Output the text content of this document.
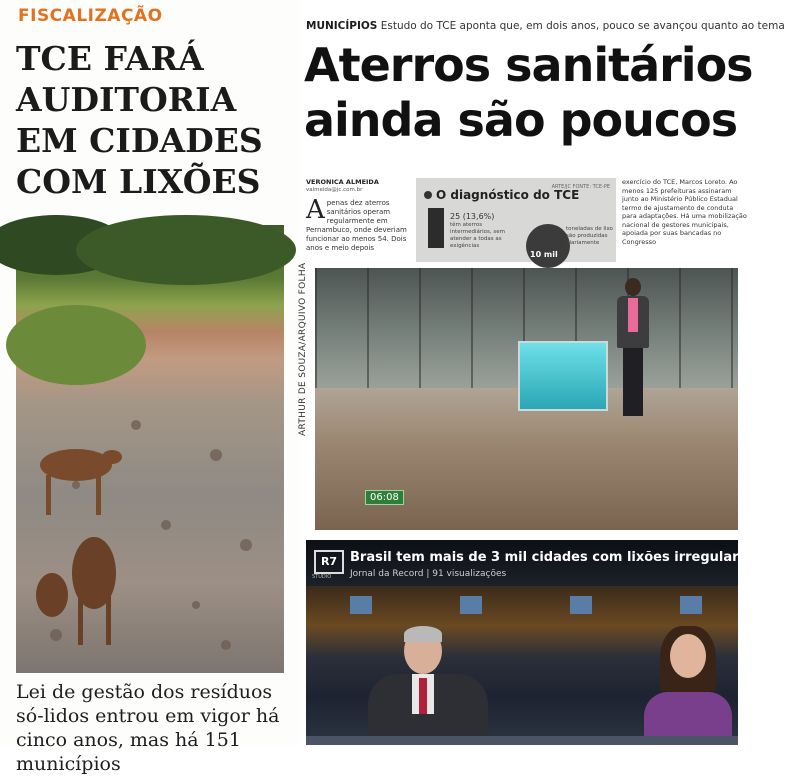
FISCALIZAÇÃO
TCE FARÁ
AUDITORIA
EM CIDADES
COM LIXÕES
ARTHUR DE SOUZA/ARQUIVO FOLHA
Lei de gestão dos resíduos só-lidos entrou em vigor há cinco anos, mas há 151 municípios
MUNICÍPIOS Estudo do TCE aponta que, em dois anos, pouco se avançou quanto ao tema
Aterros sanitários
ainda são poucos
VERONICA ALMEIDA
valmeida@jc.com.br
A penas dez aterros sanitários operam regularmente em Pernambuco, onde deveriam funcionar ao menos 54. Dois anos e meio depois
O diagnóstico do TCE
ARTE/JC FONTE: TCE-PE
25 (13,6%)
têm aterros intermediários, sem atender a todas as exigências
10 mil
toneladas de lixo são produzidas diariamente
exercício do TCE, Marcos Loreto. Ao menos 125 prefeituras assinaram junto ao Ministério Público Estadual termo de ajustamento de conduta para adaptações. Há uma mobilização nacional de gestores municipais, apoiada por suas bancadas no Congresso
06:08
R7
STUDIO
Brasil tem mais de 3 mil cidades com lixões irregular... COMP
Jornal da Record | 91 visualizações
